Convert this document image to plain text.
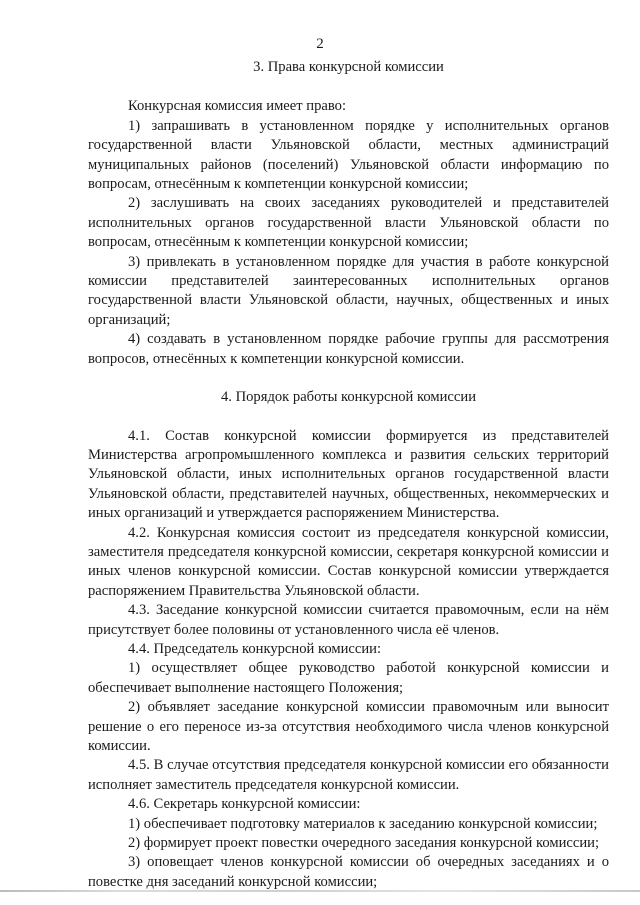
2
3. Права конкурсной комиссии
Конкурсная комиссия имеет право:
1) запрашивать в установленном порядке у исполнительных органов государственной власти Ульяновской области, местных администраций муниципальных районов (поселений) Ульяновской области информацию по вопросам, отнесённым к компетенции конкурсной комиссии;
2) заслушивать на своих заседаниях руководителей и представителей исполнительных органов государственной власти Ульяновской области по вопросам, отнесённым к компетенции конкурсной комиссии;
3) привлекать в установленном порядке для участия в работе конкурсной комиссии представителей заинтересованных исполнительных органов государственной власти Ульяновской области, научных, общественных и иных организаций;
4) создавать в установленном порядке рабочие группы для рассмотрения вопросов, отнесённых к компетенции конкурсной комиссии.
4. Порядок работы конкурсной комиссии
4.1. Состав конкурсной комиссии формируется из представителей Министерства агропромышленного комплекса и развития сельских территорий Ульяновской области, иных исполнительных органов государственной власти Ульяновской области, представителей научных, общественных, некоммерческих и иных организаций и утверждается распоряжением Министерства.
4.2. Конкурсная комиссия состоит из председателя конкурсной комиссии, заместителя председателя конкурсной комиссии, секретаря конкурсной комиссии и иных членов конкурсной комиссии. Состав конкурсной комиссии утверждается распоряжением Правительства Ульяновской области.
4.3. Заседание конкурсной комиссии считается правомочным, если на нём присутствует более половины от установленного числа её членов.
4.4. Председатель конкурсной комиссии:
1) осуществляет общее руководство работой конкурсной комиссии и обеспечивает выполнение настоящего Положения;
2) объявляет заседание конкурсной комиссии правомочным или выносит решение о его переносе из-за отсутствия необходимого числа членов конкурсной комиссии.
4.5. В случае отсутствия председателя конкурсной комиссии его обязанности исполняет заместитель председателя конкурсной комиссии.
4.6. Секретарь конкурсной комиссии:
1) обеспечивает подготовку материалов к заседанию конкурсной комиссии;
2) формирует проект повестки очередного заседания конкурсной комиссии;
3) оповещает членов конкурсной комиссии об очередных заседаниях и о повестке дня заседаний конкурсной комиссии;
